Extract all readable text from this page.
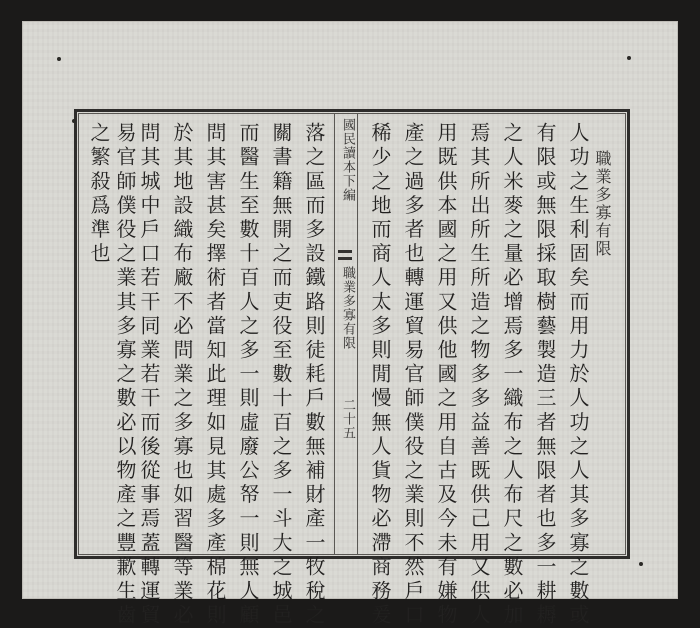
國民讀本下編
職業多寡有限
二十五
職業多寡有限
人功之生利固矣而用力於人功之人其多寡之數或
有限或無限採取樹藝製造三者無限者也多一耕耨
之人米麥之量必增焉多一織布之人布尺之數必加
焉其所出所生所造之物多多益善既供己用又供人
用既供本國之用又供他國之用自古及今未有嫌物
產之過多者也轉運貿易官師僕役之業則不然戶口
稀少之地而商人太多則閒慢無人貨物必滯商務爰
落之區而多設鐵路則徒耗戶數無補財產一牧稅之
關書籍無開之而吏役至數十百之多一斗大之城邑
而醫生至數十百人之多一則虛廢公帑一則無人顧
問其害甚矣擇術者當知此理如見其處多產棉花則
於其地設織布廠不必問業之多寡也如習醫等業必
問其城中戶口若干同業若干而後從事焉蓋轉運貿
易官師僕役之業其多寡之數必以物產之豐歉生齒
之繁殺爲準也
